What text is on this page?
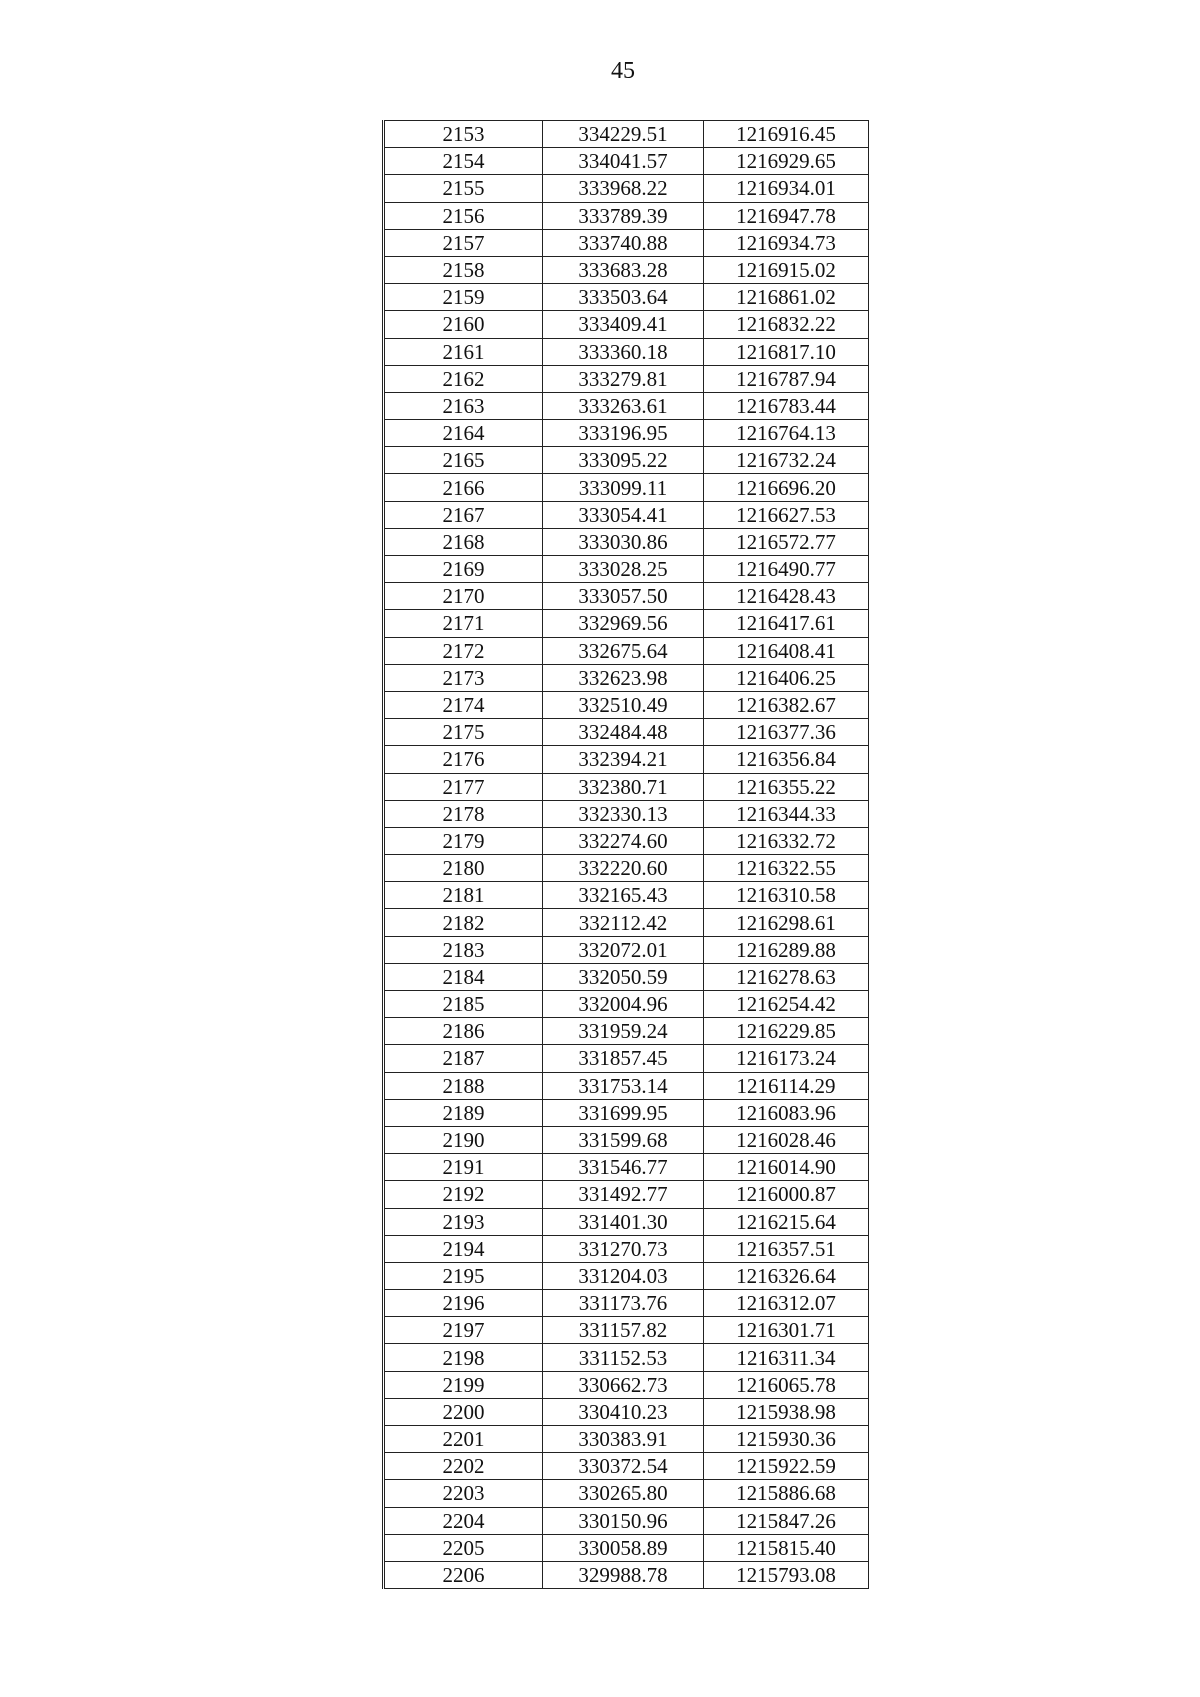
45
2153	334229.51	1216916.45
2154	334041.57	1216929.65
2155	333968.22	1216934.01
2156	333789.39	1216947.78
2157	333740.88	1216934.73
2158	333683.28	1216915.02
2159	333503.64	1216861.02
2160	333409.41	1216832.22
2161	333360.18	1216817.10
2162	333279.81	1216787.94
2163	333263.61	1216783.44
2164	333196.95	1216764.13
2165	333095.22	1216732.24
2166	333099.11	1216696.20
2167	333054.41	1216627.53
2168	333030.86	1216572.77
2169	333028.25	1216490.77
2170	333057.50	1216428.43
2171	332969.56	1216417.61
2172	332675.64	1216408.41
2173	332623.98	1216406.25
2174	332510.49	1216382.67
2175	332484.48	1216377.36
2176	332394.21	1216356.84
2177	332380.71	1216355.22
2178	332330.13	1216344.33
2179	332274.60	1216332.72
2180	332220.60	1216322.55
2181	332165.43	1216310.58
2182	332112.42	1216298.61
2183	332072.01	1216289.88
2184	332050.59	1216278.63
2185	332004.96	1216254.42
2186	331959.24	1216229.85
2187	331857.45	1216173.24
2188	331753.14	1216114.29
2189	331699.95	1216083.96
2190	331599.68	1216028.46
2191	331546.77	1216014.90
2192	331492.77	1216000.87
2193	331401.30	1216215.64
2194	331270.73	1216357.51
2195	331204.03	1216326.64
2196	331173.76	1216312.07
2197	331157.82	1216301.71
2198	331152.53	1216311.34
2199	330662.73	1216065.78
2200	330410.23	1215938.98
2201	330383.91	1215930.36
2202	330372.54	1215922.59
2203	330265.80	1215886.68
2204	330150.96	1215847.26
2205	330058.89	1215815.40
2206	329988.78	1215793.08
